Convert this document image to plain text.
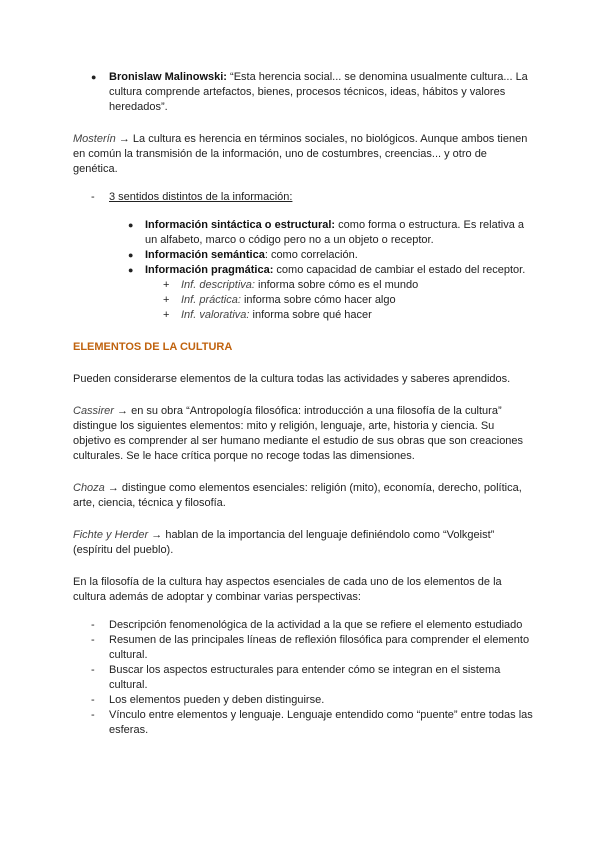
● Bronislaw Malinowski: “Esta herencia social... se denomina usualmente cultura... La cultura comprende artefactos, bienes, procesos técnicos, ideas, hábitos y valores heredados”.

Mosterín → La cultura es herencia en términos sociales, no biológicos. Aunque ambos tienen en común la transmisión de la información, uno de costumbres, creencias... y otro de genética.

- 3 sentidos distintos de la información:

● Información sintáctica o estructural: como forma o estructura. Es relativa a un alfabeto, marco o código pero no a un objeto o receptor.

● Información semántica: como correlación.

● Información pragmática: como capacidad de cambiar el estado del receptor.

+ Inf. descriptiva: informa sobre cómo es el mundo

+ Inf. práctica: informa sobre cómo hacer algo

+ Inf. valorativa: informa sobre qué hacer

ELEMENTOS DE LA CULTURA

Pueden considerarse elementos de la cultura todas las actividades y saberes aprendidos.

Cassirer → en su obra “Antropología filosófica: introducción a una filosofía de la cultura” distingue los siguientes elementos: mito y religión, lenguaje, arte, historia y ciencia. Su objetivo es comprender al ser humano mediante el estudio de sus obras que son creaciones culturales. Se le hace crítica porque no recoge todas las dimensiones.

Choza → distingue como elementos esenciales: religión (mito), economía, derecho, política, arte, ciencia, técnica y filosofía.

Fichte y Herder → hablan de la importancia del lenguaje definiéndolo como “Volkgeist” (espíritu del pueblo).

En la filosofía de la cultura hay aspectos esenciales de cada uno de los elementos de la cultura además de adoptar y combinar varias perspectivas:

- Descripción fenomenológica de la actividad a la que se refiere el elemento estudiado

- Resumen de las principales líneas de reflexión filosófica para comprender el elemento cultural.

- Buscar los aspectos estructurales para entender cómo se integran en el sistema cultural.

- Los elementos pueden y deben distinguirse.

- Vínculo entre elementos y lenguaje. Lenguaje entendido como “puente” entre todas las esferas.
